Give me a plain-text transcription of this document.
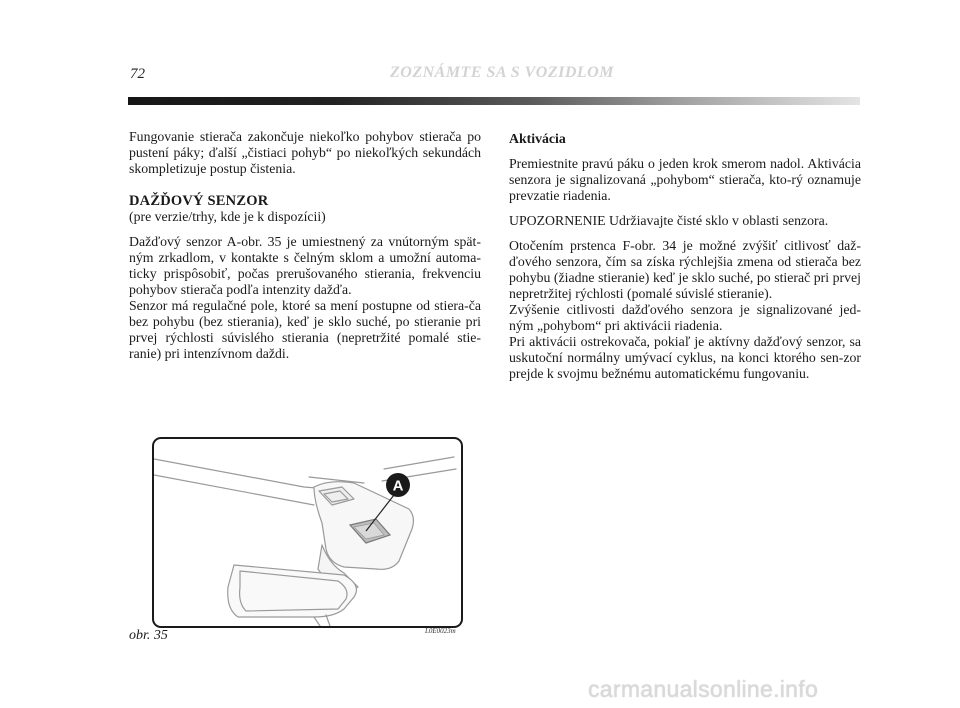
72	ZOZNÁMTE SA S VOZIDLOM

Fungovanie stierača zakončuje niekoľko pohybov stierača po pustení páky; ďalší „čistiaci pohyb“ po niekoľkých sekundách skompletizuje postup čistenia.

DAŽĎOVÝ SENZOR

(pre verzie/trhy, kde je k dispozícii)

Dažďový senzor A-obr. 35 je umiestnený za vnútorným spät-ným zrkadlom, v kontakte s čelným sklom a umožní automa-ticky prispôsobiť, počas prerušovaného stierania, frekvenciu pohybov stierača podľa intenzity dažďa.

Senzor má regulačné pole, ktoré sa mení postupne od stiera-ča bez pohybu (bez stierania), keď je sklo suché, po stieranie pri prvej rýchlosti súvislého stierania (nepretržité pomalé stie-ranie) pri intenzívnom daždi.

Aktivácia

Premiestnite pravú páku o jeden krok smerom nadol. Aktivácia senzora je signalizovaná „pohybom“ stierača, kto-rý oznamuje prevzatie riadenia.

UPOZORNENIE Udržiavajte čisté sklo v oblasti senzora.

Otočením prstenca F-obr. 34 je možné zvýšiť citlivosť daž-ďového senzora, čím sa získa rýchlejšia zmena od stierača bez pohybu (žiadne stieranie) keď je sklo suché, po stierač pri prvej nepretržitej rýchlosti (pomalé súvislé stieranie).

Zvýšenie citlivosti dažďového senzora je signalizované jed-ným „pohybom“ pri aktivácii riadenia.

Pri aktivácii ostrekovača, pokiaľ je aktívny dažďový senzor, sa uskutoční normálny umývací cyklus, na konci ktorého sen-zor prejde k svojmu bežnému automatickému fungovaniu.

A
obr. 35	L0E0023m
carmanualsonline.info
